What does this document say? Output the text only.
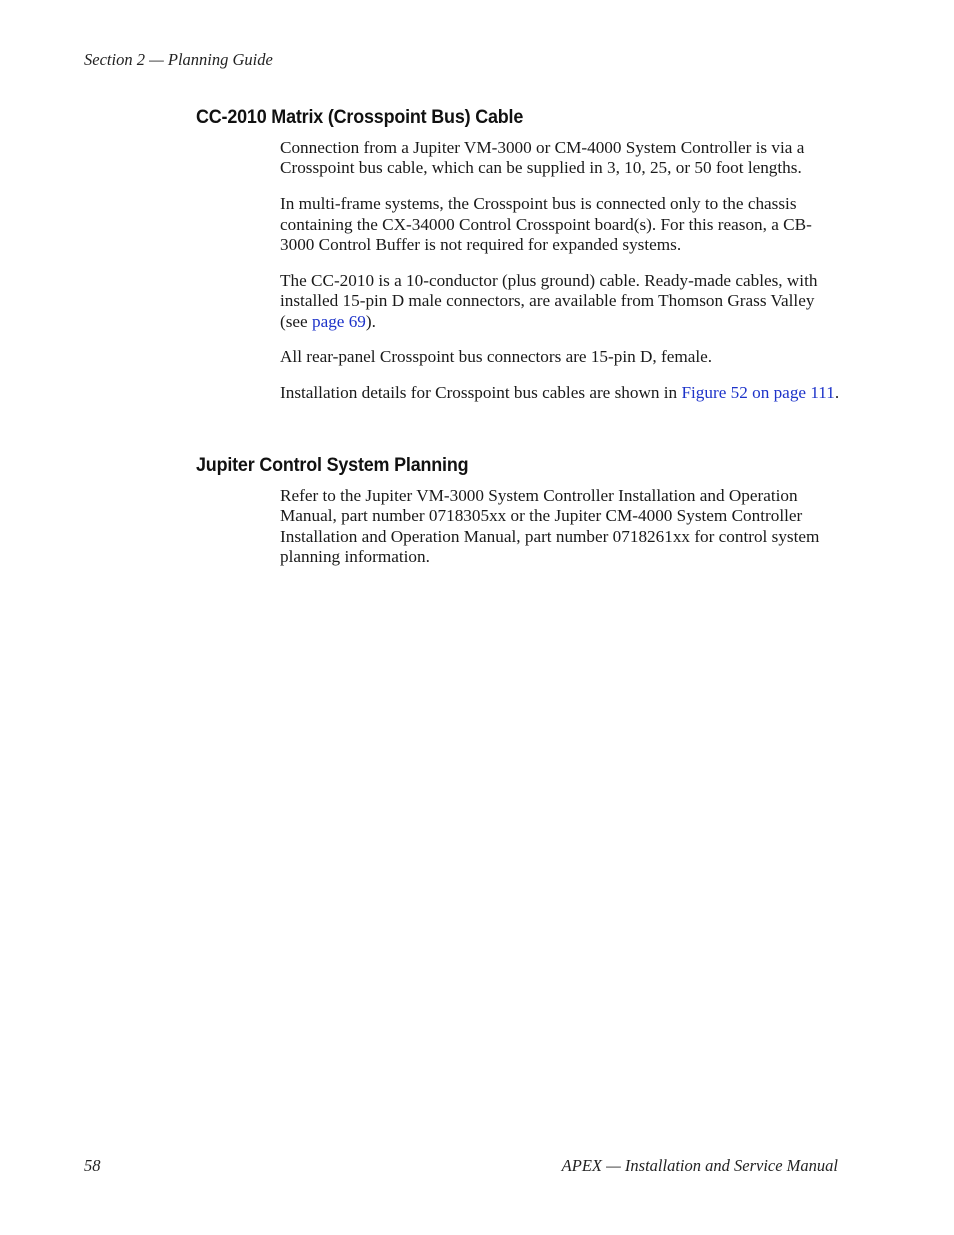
Section 2 — Planning Guide
CC-2010 Matrix (Crosspoint Bus) Cable

Connection from a Jupiter VM-3000 or CM-4000 System Controller is via a Crosspoint bus cable, which can be supplied in 3, 10, 25, or 50 foot lengths.

In multi-frame systems, the Crosspoint bus is connected only to the chassis containing the CX-34000 Control Crosspoint board(s). For this reason, a CB-3000 Control Buffer is not required for expanded systems.

The CC-2010 is a 10-conductor (plus ground) cable. Ready-made cables, with installed 15-pin D male connectors, are available from Thomson Grass Valley (see page 69).

All rear-panel Crosspoint bus connectors are 15-pin D, female.

Installation details for Crosspoint bus cables are shown in Figure 52 on page 111.

Jupiter Control System Planning

Refer to the Jupiter VM-3000 System Controller Installation and Operation Manual, part number 0718305xx or the Jupiter CM-4000 System Controller Installation and Operation Manual, part number 0718261xx for control system planning information.

58	APEX — Installation and Service Manual
